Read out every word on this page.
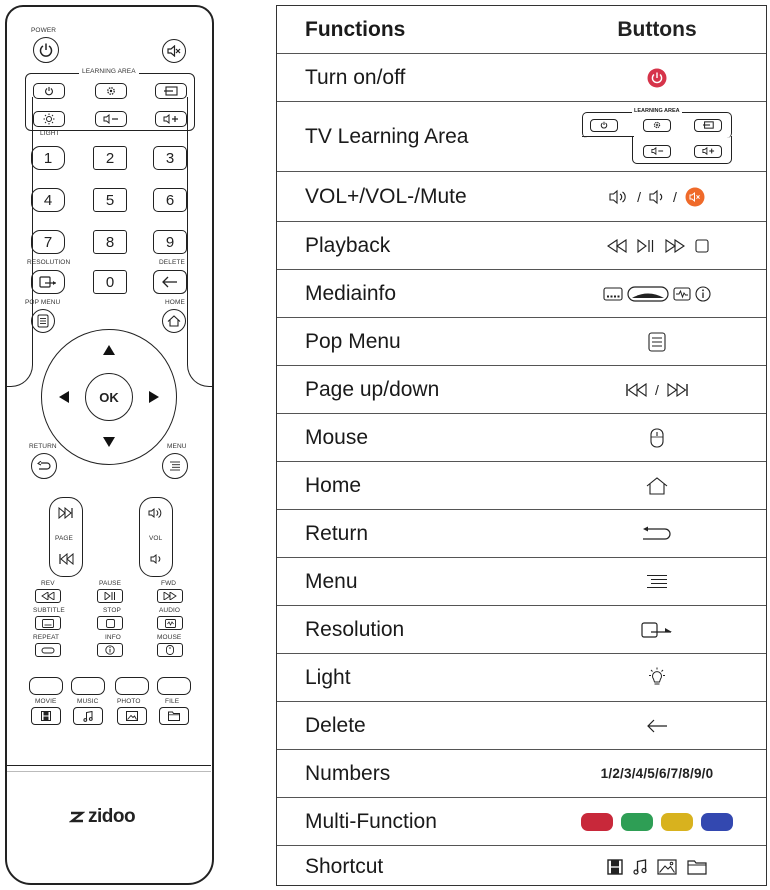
POWER
LEARNING AREA
LIGHT
1	2	3
4	5	6
7	8	9
RESOLUTION
0
DELETE
POP MENU	HOME
OK
RETURN	MENU
PAGE	VOL
REV	PAUSE	FWD
SUBTITLE	STOP	AUDIO
REPEAT	INFO	MOUSE
MOVIE	MUSIC	PHOTO	FILE
zidoo
Functions	Buttons
Turn on/off
TV Learning Area
LEARNING AREA
VOL+/VOL-/Mute	/ /
Playback
Mediainfo
Pop Menu
Page up/down	/
Mouse
Home
Return
Menu
Resolution
Light
Delete
Numbers	1/2/3/4/5/6/7/8/9/0
Multi-Function
Shortcut
